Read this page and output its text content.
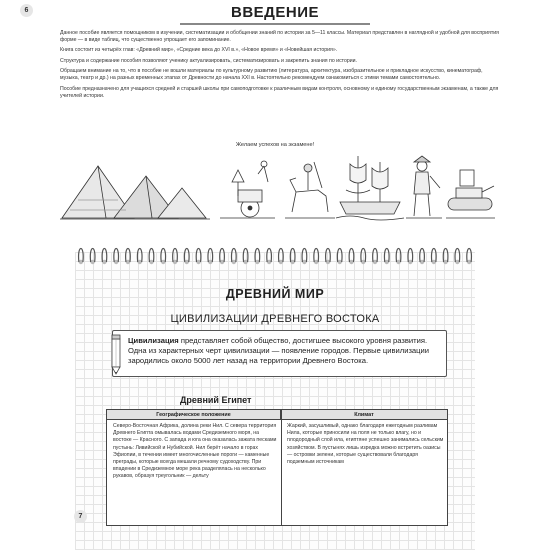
6	ВВЕДЕНИЕ

Данное пособие является помощником в изучении, систематизации и обобщении знаний по истории за 5—11 классы. Материал представлен в наглядной и удобной для восприятия форме — в виде таблиц, что существенно упрощает его запоминание.

Книга состоит из четырёх глав: «Древний мир», «Средние века до XVI в.», «Новое время» и «Новейшая история».

Структура и содержание пособия позволяют ученику актуализировать, систематизировать и закрепить знания по истории.

Обращаем внимание на то, что в пособие не вошли материалы по культурному развитию (литература, архитектура, изобразительное и прикладное искусство, кинематограф, музыка, театр и др.) на разных временных этапах от Древности до начала XXI в. Настоятельно рекомендуем ознакомиться с этими темами самостоятельно.

Пособие предназначено для учащихся средней и старшей школы при самоподготовке к различным видам контроля, основному и единому государственным экзаменам, а также для учителей истории.

Желаем успехов на экзамене!
ДРЕВНИЙ МИР
ЦИВИЛИЗАЦИИ ДРЕВНЕГО ВОСТОКА
Цивилизация представляет собой общество, достигшее высокого уровня развития. Одна из характерных черт цивилизации — появление городов. Первые цивилизации зародились около 5000 лет назад на территории Древнего Востока.
Древний Египет
Географическое положение	Климат
Северо-Восточная Африка, долина реки Нил. С севера территория Древнего Египта омывалась водами Средиземного моря, на востоке — Красного. С запада и юга она оказалась зажата песками пустынь: Ливийской и Нубийской. Нил берёт начало в горах Эфиопии, в течении имеет многочисленные пороги — каменные преграды, которые всегда мешали речному судоходству. При впадении в Средиземное море река разделялась на несколько рукавов, образуя треугольник — дельту
Жаркий, засушливый, однако благодаря ежегодным разливам Нила, которые приносили на поля не только влагу, но и плодородный слой ила, египтяне успешно занимались сельским хозяйством. В пустынях лишь изредка можно встретить оазисы — островки зелени, которые существовали благодаря подземным источникам
7
